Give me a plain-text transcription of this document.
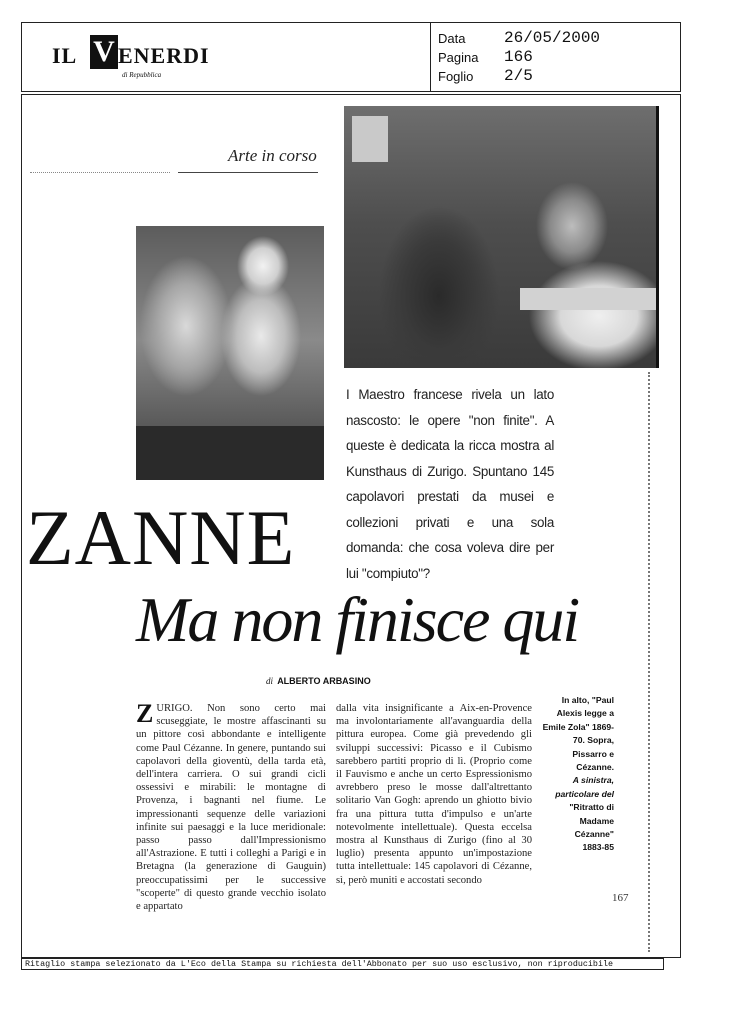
IL V ENERDI
di Repubblica
Data	26/05/2000
Pagina	166
Foglio	2/5
Arte in corso
I Maestro francese rivela un lato nascosto: le opere "non finite". A queste è dedicata la ricca mostra al Kunsthaus di Zurigo. Spuntano 145 capolavori prestati da musei e collezioni privati e una sola domanda: che cosa voleva dire per lui "compiuto"?
ZANNE
Ma non finisce qui
di ALBERTO ARBASINO
ZURIGO. Non sono certo mai scuseggiate, le mostre affascinanti su un pittore così abbondante e intelligente come Paul Cézanne. In genere, puntando sui capolavori della gioventù, della tarda età, dell'intera carriera. O sui grandi cicli ossessivi e mirabili: le montagne di Provenza, i bagnanti nel fiume. Le impressionanti sequenze delle variazioni infinite sui paesaggi e la luce meridionale: passo passo dall'Impressionismo all'Astrazione. E tutti i colleghi a Parigi e in Bretagna (la generazione di Gauguin) preoccupatissimi per le successive "scoperte" di questo grande vecchio isolato e appartato
dalla vita insignificante a Aix-en-Provence ma involontariamente all'avanguardia della pittura europea. Come già prevedendo gli sviluppi successivi: Picasso e il Cubismo sarebbero partiti proprio di lì. (Proprio come il Fauvismo e anche un certo Espressionismo avrebbero preso le mosse dall'altrettanto solitario Van Gogh: aprendo un ghiotto bivio fra una pittura tutta d'impulso e un'arte notevolmente intellettuale). Questa eccelsa mostra al Kunsthaus di Zurigo (fino al 30 luglio) presenta appunto un'impostazione tutta intellettuale: 145 capolavori di Cézanne, sì, però muniti e accostati secondo
In alto, "Paul Alexis legge a Emile Zola" 1869-70. Sopra, Pissarro e Cézanne.
A sinistra, particolare del
"Ritratto di Madame Cézanne"
1883-85
167
Ritaglio stampa selezionato da L'Eco della Stampa su richiesta dell'Abbonato per suo uso esclusivo, non riproducibile
